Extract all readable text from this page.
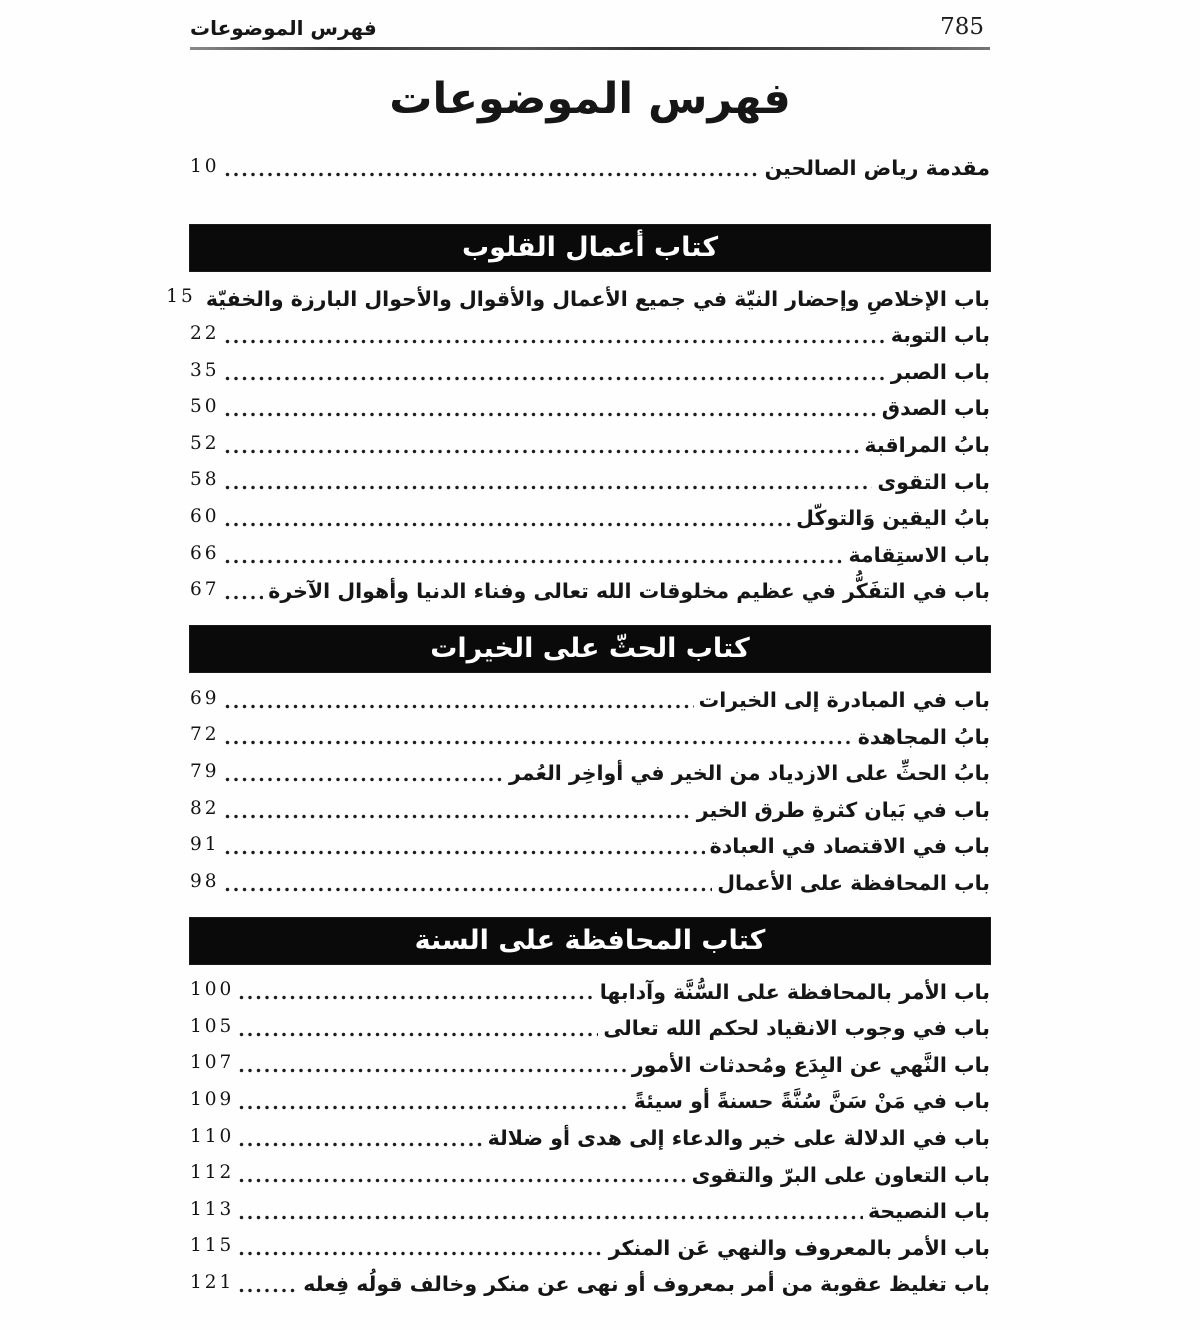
فهرس الموضوعات	785
فهرس الموضوعات
مقدمة رياض الصالحين
10
كتاب أعمال القلوب
باب الإخلاصِ وإحضار النيّة في جميع الأعمال والأقوال والأحوال البارزة والخفيّة
15
باب التوبة
22
باب الصبر
35
باب الصدق
50
بابُ المراقبة
52
باب التقوى
58
بابُ اليقين وَالتوكّل
60
باب الاستِقامة
66
باب في التفَكُّر في عظيم مخلوقات الله تعالى وفناء الدنيا وأهوال الآخرة
67
كتاب الحثّ على الخيرات
باب في المبادرة إلى الخيرات
69
بابُ المجاهدة
72
بابُ الحثِّ على الازدياد من الخير في أواخِر العُمر
79
باب في بَيان كثرةِ طرق الخير
82
باب في الاقتصاد في العبادة
91
باب المحافظة على الأعمال
98
كتاب المحافظة على السنة
باب الأمر بالمحافظة على السُّنَّة وآدابها
100
باب في وجوب الانقياد لحكم الله تعالى
105
باب النَّهي عن البِدَع ومُحدثات الأمور
107
باب في مَنْ سَنَّ سُنَّةً حسنةً أو سيئةً
109
باب في الدلالة على خير والدعاء إلى هدى أو ضلالة
110
باب التعاون على البرّ والتقوى
112
باب النصيحة
113
باب الأمر بالمعروف والنهي عَن المنكر
115
باب تغليظ عقوبة من أمر بمعروف أو نهى عن منكر وخالف قولُه فِعله
121
